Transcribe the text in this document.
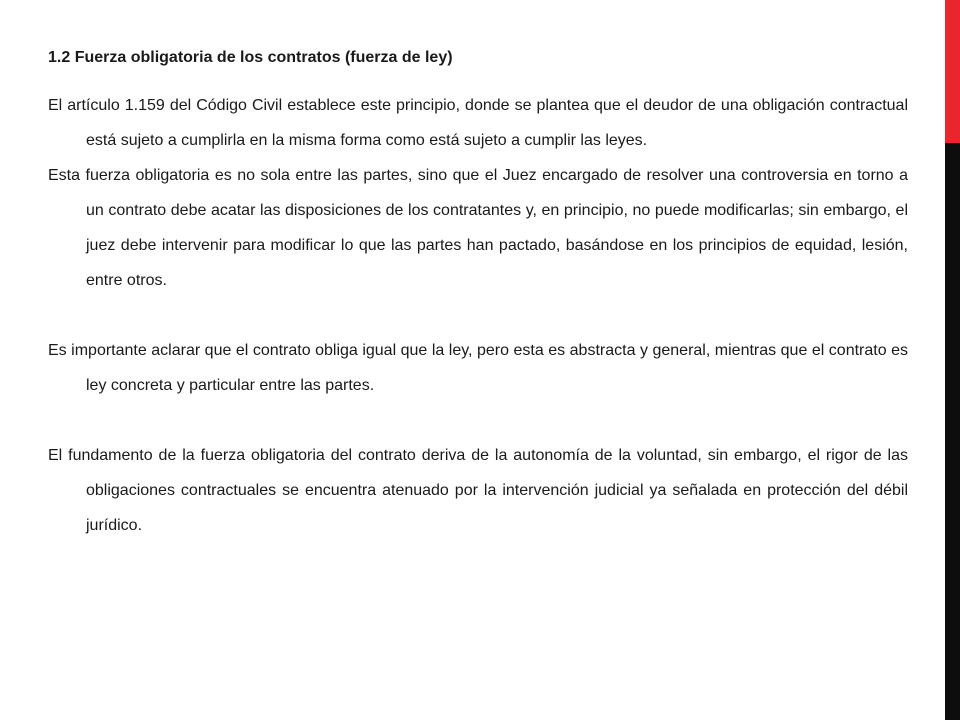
1.2 Fuerza obligatoria de los contratos (fuerza de ley)

El artículo 1.159 del Código Civil establece este principio, donde se plantea que el deudor de una obligación contractual está sujeto a cumplirla en la misma forma como está sujeto a cumplir las leyes.

Esta fuerza obligatoria es no sola entre las partes, sino que el Juez encargado de resolver una controversia en torno a un contrato debe acatar las disposiciones de los contratantes y, en principio, no puede modificarlas; sin embargo, el juez debe intervenir para modificar lo que las partes han pactado, basándose en los principios de equidad, lesión, entre otros.

Es importante aclarar que el contrato obliga igual que la ley, pero esta es abstracta y general, mientras que el contrato es ley concreta y particular entre las partes.

El fundamento de la fuerza obligatoria del contrato deriva de la autonomía de la voluntad, sin embargo, el rigor de las obligaciones contractuales se encuentra atenuado por la intervención judicial ya señalada en protección del débil jurídico.
